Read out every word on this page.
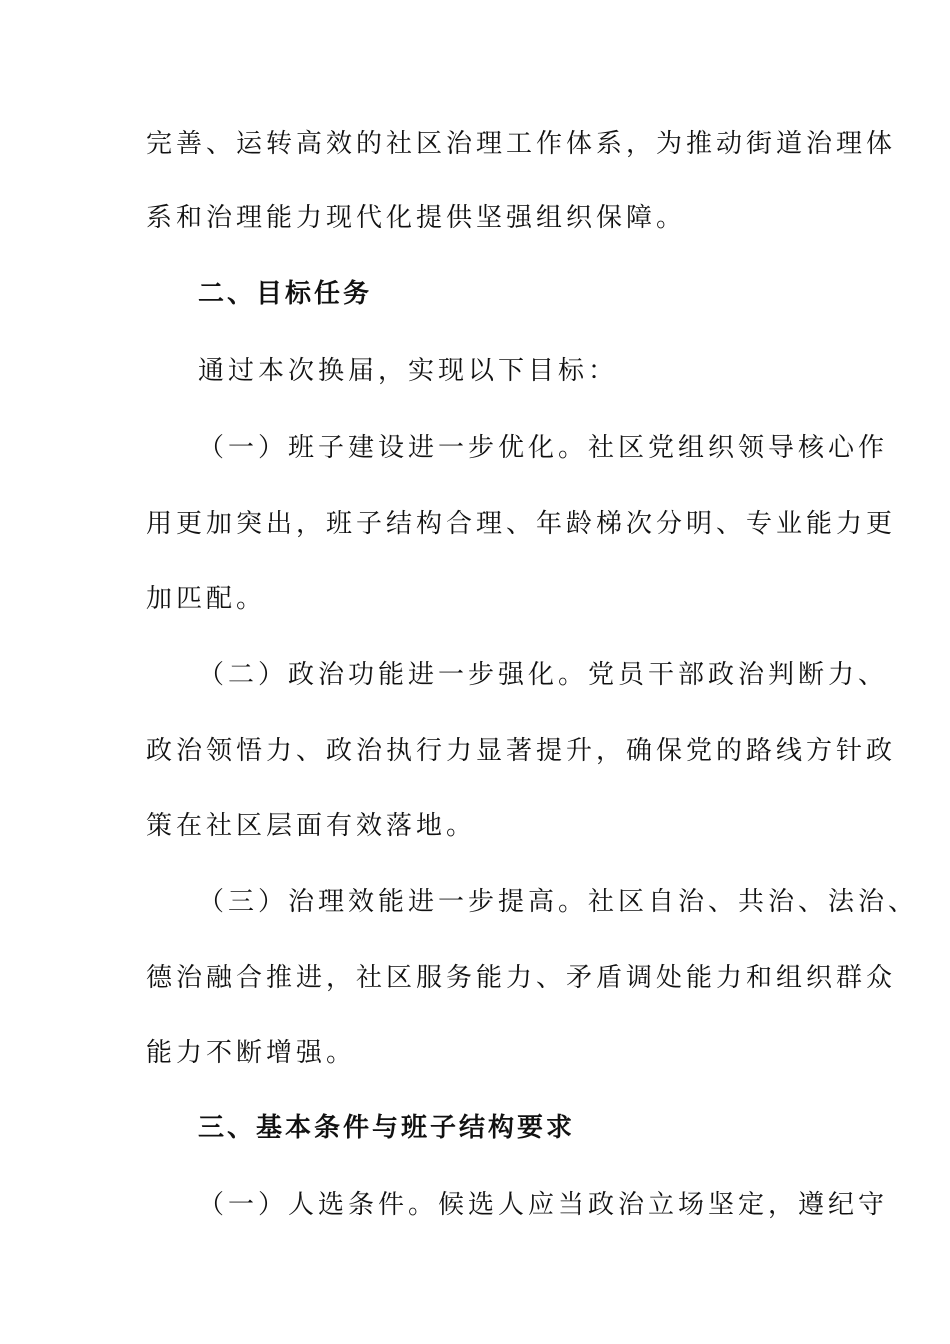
完善、运转高效的社区治理工作体系，为推动街道治理体
系和治理能力现代化提供坚强组织保障。
二、目标任务
通过本次换届，实现以下目标：
（一）班子建设进一步优化。社区党组织领导核心作
用更加突出，班子结构合理、年龄梯次分明、专业能力更
加匹配。
（二）政治功能进一步强化。党员干部政治判断力、
政治领悟力、政治执行力显著提升，确保党的路线方针政
策在社区层面有效落地。
（三）治理效能进一步提高。社区自治、共治、法治、
德治融合推进，社区服务能力、矛盾调处能力和组织群众
能力不断增强。
三、基本条件与班子结构要求
（一）人选条件。候选人应当政治立场坚定，遵纪守
